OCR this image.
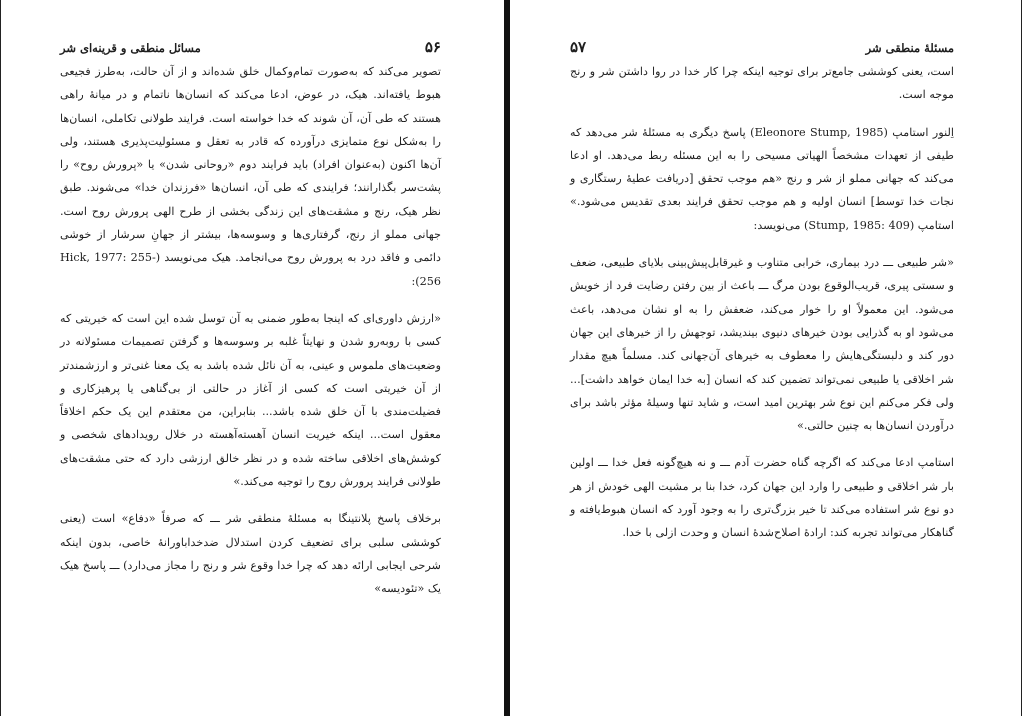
۵۶
مسائل منطقی و قرینه‌ای شر

تصویر می‌کند که به‌صورت تمام‌وکمال خلق شده‌اند و از آن حالت، به‌طرز فجیعی هبوط یافته‌اند. هیک، در عوض، ادعا می‌کند که انسان‌ها ناتمام و در میانهٔ راهی هستند که طی آن، آن شوند که خدا خواسته است. فرایند طولانی تکاملی، انسان‌ها را به‌شکل نوع متمایزی درآورده که قادر به تعقل و مسئولیت‌پذیری هستند، ولی آن‌ها اکنون (به‌عنوان افراد) باید فرایند دوم «روحانی شدن» یا «پرورش روح» را پشت‌سر بگذارانند؛ فرایندی که طی آن، انسان‌ها «فرزندان خدا» می‌شوند. طبق نظر هیک، رنج و مشقت‌های این زندگی بخشی از طرح الهی پرورش روح است. جهانی مملو از رنج، گرفتاری‌ها و وسوسه‌ها، بیشتر از جهانِ سرشار از خوشی دائمی و فاقد درد به پرورش روح می‌انجامد. هیک می‌نویسد (Hick, 1977: 255-256):

«ارزش داوری‌ای که اینجا به‌طور ضمنی به آن توسل شده این است که خیریتی که کسی با روبه‌رو شدن و نهایتاً غلبه بر وسوسه‌ها و گرفتن تصمیمات مسئولانه در وضعیت‌های ملموس و عینی، به آن نائل شده باشد به یک معنا غنی‌تر و ارزشمندتر از آن خیریتی است که کسی از آغاز در حالتی از بی‌گناهی یا پرهیزکاری و فضیلت‌مندی با آن خلق شده باشد... بنابراین، من معتقدم این یک حکم اخلاقاً معقول است... اینکه خیریت انسان آهسته‌آهسته در خلال رویدادهای شخصی و کوشش‌های اخلاقی ساخته شده و در نظر خالق ارزشی دارد که حتی مشقت‌های طولانی فرایند پرورش روح را توجیه می‌کند.»

برخلاف پاسخ پلانتینگا به مسئلهٔ منطقی شر ـــ که صرفاً «دفاع» است (یعنی کوششی سلبی برای تضعیف کردن استدلال ضدخداباورانهٔ خاصی، بدون اینکه شرحی ایجابی ارائه دهد که چرا خدا وقوع شر و رنج را مجاز می‌دارد) ـــ پاسخ هیک یک «تئودیسه»

مسئلهٔ منطقی شر
۵۷

است، یعنی کوششی جامع‌تر برای توجیه اینکه چرا کار خدا در روا داشتن شر و رنج موجه است.

اِلنور استامپ (Eleonore Stump, 1985) پاسخ دیگری به مسئلهٔ شر می‌دهد که طیفی از تعهدات مشخصاً الهیاتی مسیحی را به این مسئله ربط می‌دهد. او ادعا می‌کند که جهانی مملو از شر و رنج «هم موجب تحقق [دریافت عطیهٔ رستگاری و نجات خدا توسط] انسان اولیه و هم موجب تحقق فرایند بعدی تقدیس می‌شود.» استامپ (Stump, 1985: 409) می‌نویسد:

«شر طبیعی ـــ درد بیماری، خرابی متناوب و غیرقابل‌پیش‌بینی بلایای طبیعی، ضعف و سستی پیری، قریب‌الوقوع بودن مرگ ـــ باعث از بین رفتن رضایت فرد از خویش می‌شود. این معمولاً او را خوار می‌کند، ضعفش را به او نشان می‌دهد، باعث می‌شود او به گذرایی بودن خیرهای دنیوی بیندیشد، توجهش را از خیرهای این جهان دور کند و دلبستگی‌هایش را معطوف به خیرهای آن‌جهانی کند. مسلماً هیچ مقدار شر اخلاقی یا طبیعی نمی‌تواند تضمین کند که انسان [به خدا ایمان خواهد داشت]... ولی فکر می‌کنم این نوع شر بهترین امید است، و شاید تنها وسیلهٔ مؤثر باشد برای درآوردن انسان‌ها به چنین حالتی.»

استامپ ادعا می‌کند که اگرچه گناه حضرت آدم ـــ و نه هیچ‌گونه فعل خدا ـــ اولین بار شر اخلاقی و طبیعی را وارد این جهان کرد، خدا بنا بر مشیت الهی خودش از هر دو نوع شر استفاده می‌کند تا خیر بزرگ‌تری را به وجود آورد که انسان هبوط‌یافته و گناهکار می‌تواند تجربه کند: ارادهٔ اصلاح‌شدهٔ انسان و وحدت ازلی با خدا.
